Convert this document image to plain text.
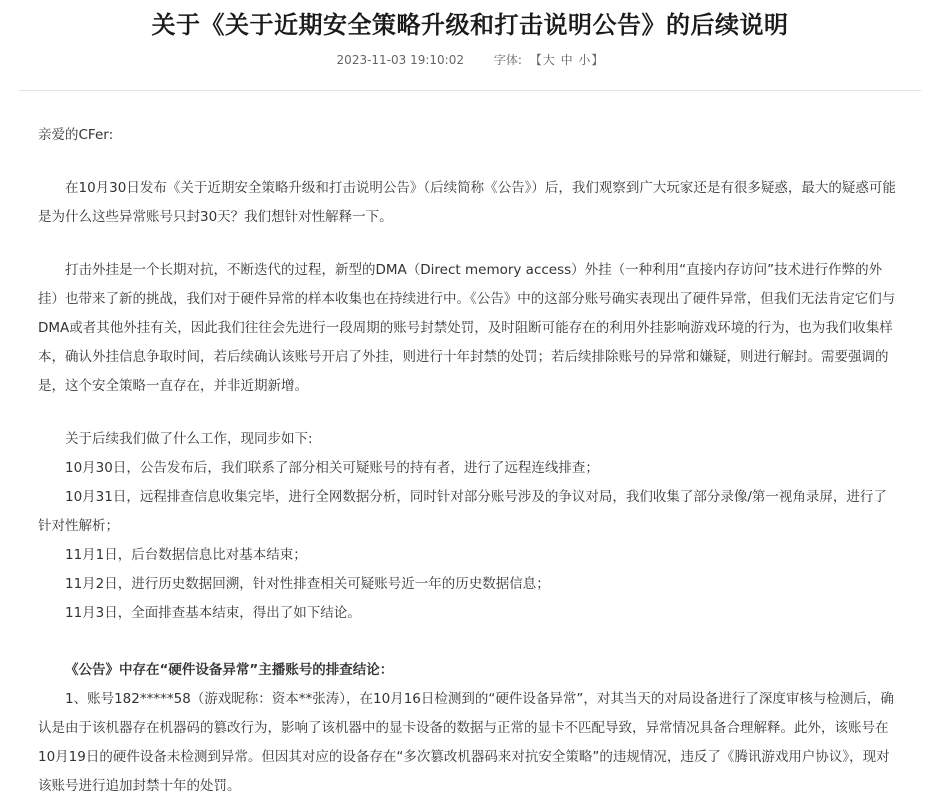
关于《关于近期安全策略升级和打击说明公告》的后续说明
2023-11-03 19:10:02 字体: 【大 中 小】

亲爱的CFer:

在10月30日发布《关于近期安全策略升级和打击说明公告》（后续简称《公告》）后，我们观察到广大玩家还是有很多疑惑，最大的疑惑可能是为什么这些异常账号只封30天？我们想针对性解释一下。

打击外挂是一个长期对抗，不断迭代的过程，新型的DMA（Direct memory access）外挂（一种利用“直接内存访问”技术进行作弊的外挂）也带来了新的挑战，我们对于硬件异常的样本收集也在持续进行中。《公告》中的这部分账号确实表现出了硬件异常，但我们无法肯定它们与DMA或者其他外挂有关，因此我们往往会先进行一段周期的账号封禁处罚，及时阻断可能存在的利用外挂影响游戏环境的行为，也为我们收集样本，确认外挂信息争取时间，若后续确认该账号开启了外挂，则进行十年封禁的处罚；若后续排除账号的异常和嫌疑，则进行解封。需要强调的是，这个安全策略一直存在，并非近期新增。

关于后续我们做了什么工作，现同步如下:

10月30日，公告发布后，我们联系了部分相关可疑账号的持有者，进行了远程连线排查；

10月31日，远程排查信息收集完毕，进行全网数据分析，同时针对部分账号涉及的争议对局，我们收集了部分录像/第一视角录屏，进行了针对性解析；

11月1日，后台数据信息比对基本结束；

11月2日，进行历史数据回溯，针对性排查相关可疑账号近一年的历史数据信息；

11月3日，全面排查基本结束，得出了如下结论。

《公告》中存在“硬件设备异常”主播账号的排查结论：

1、账号182*****58（游戏昵称：资本**张涛），在10月16日检测到的“硬件设备异常”，对其当天的对局设备进行了深度审核与检测后，确认是由于该机器存在机器码的篡改行为，影响了该机器中的显卡设备的数据与正常的显卡不匹配导致，异常情况具备合理解释。此外，该账号在10月19日的硬件设备未检测到异常。但因其对应的设备存在“多次篡改机器码来对抗安全策略”的违规情况，违反了《腾讯游戏用户协议》，现对该账号进行追加封禁十年的处罚。
